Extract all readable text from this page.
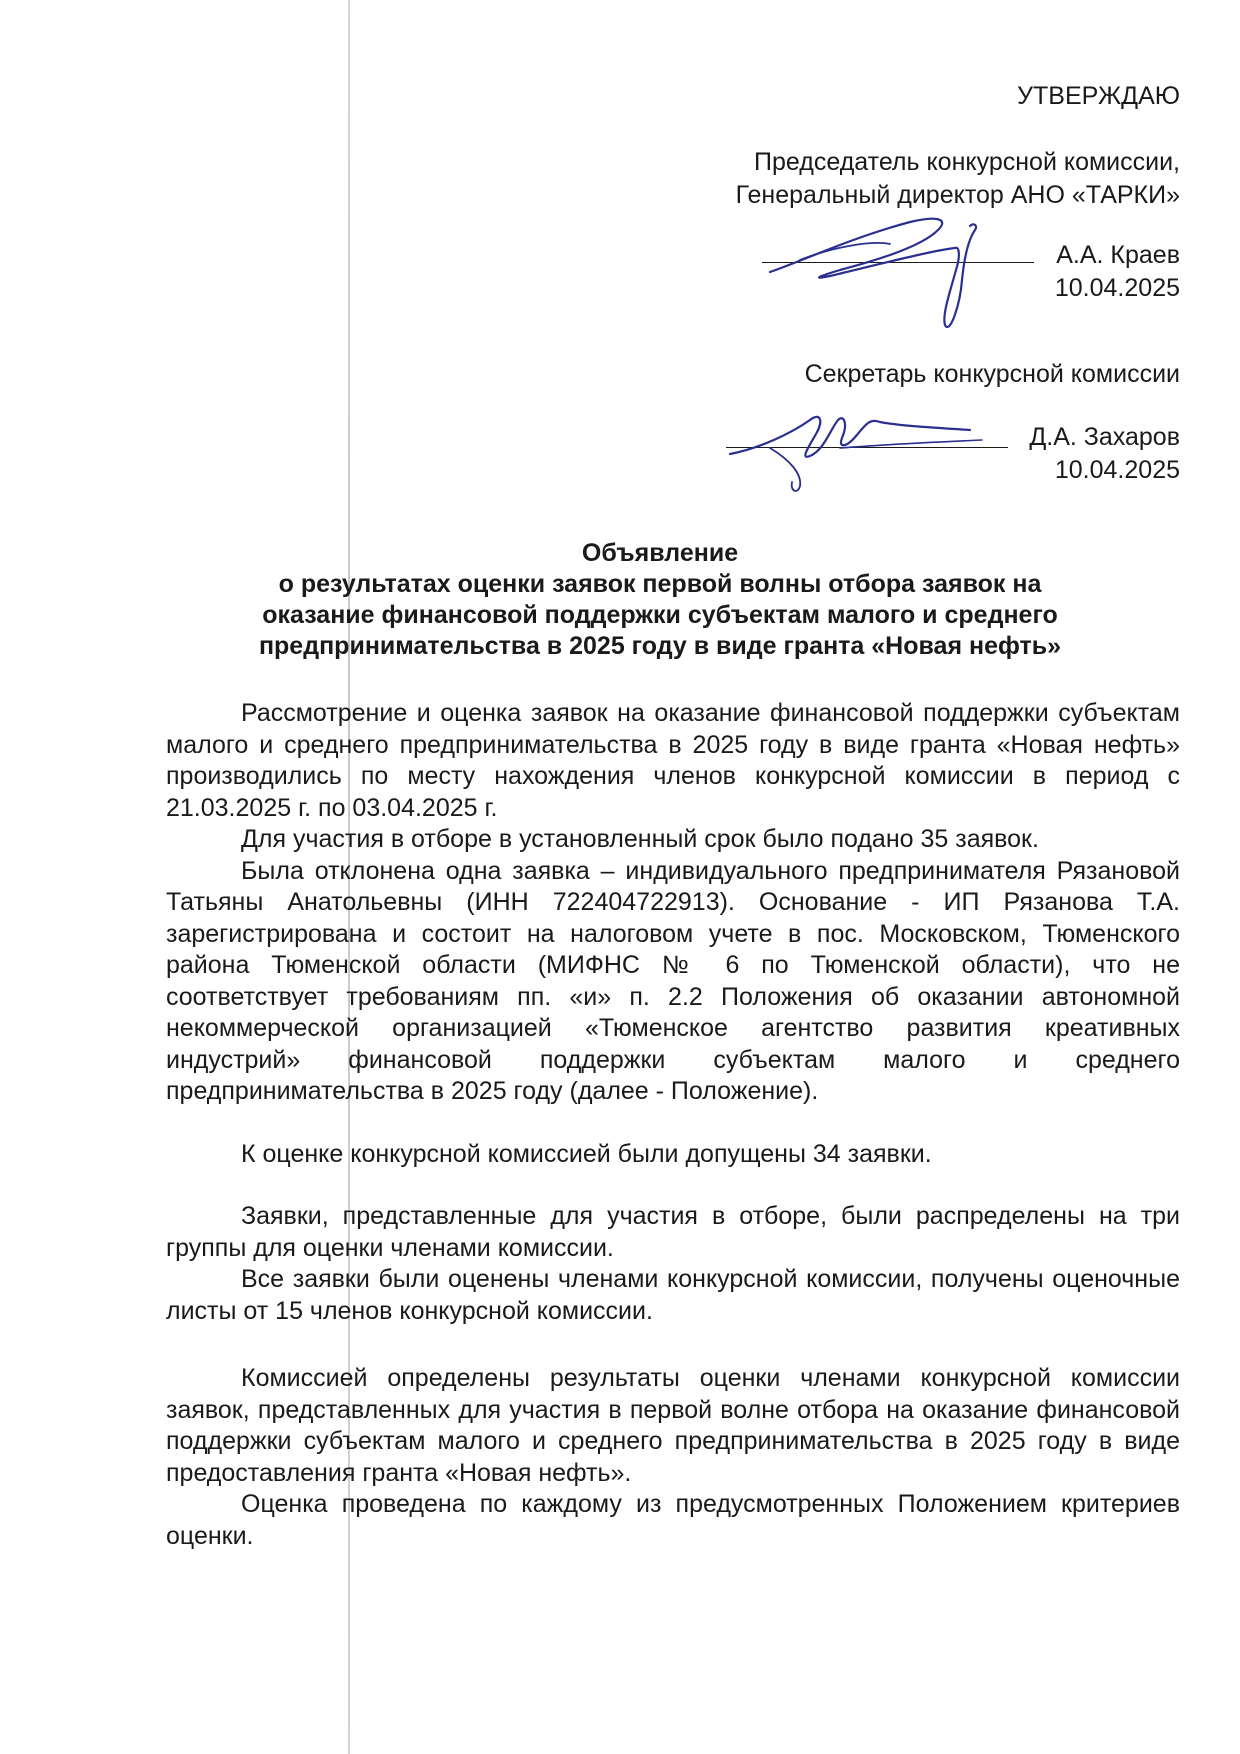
УТВЕРЖДАЮ
Председатель конкурсной комиссии,
Генеральный директор АНО «ТАРКИ»
А.А. Краев
10.04.2025
Секретарь конкурсной комиссии
Д.А. Захаров
10.04.2025
Объявление
о результатах оценки заявок первой волны отбора заявок на
оказание финансовой поддержки субъектам малого и среднего
предпринимательства в 2025 году в виде гранта «Новая нефть»

Рассмотрение и оценка заявок на оказание финансовой поддержки субъектам малого и среднего предпринимательства в 2025 году в виде гранта «Новая нефть» производились по месту нахождения членов конкурсной комиссии в период с 21.03.2025 г. по 03.04.2025 г.

Для участия в отборе в установленный срок было подано 35 заявок.

Была отклонена одна заявка – индивидуального предпринимателя Рязановой Татьяны Анатольевны (ИНН 722404722913). Основание - ИП Рязанова Т.А. зарегистрирована и состоит на налоговом учете в пос. Московском, Тюменского района Тюменской области (МИФНС № 6 по Тюменской области), что не соответствует требованиям пп. «и» п. 2.2 Положения об оказании автономной некоммерческой организацией «Тюменское агентство развития креативных индустрий» финансовой поддержки субъектам малого и среднего предпринимательства в 2025 году (далее - Положение).

К оценке конкурсной комиссией были допущены 34 заявки.

Заявки, представленные для участия в отборе, были распределены на три группы для оценки членами комиссии.

Все заявки были оценены членами конкурсной комиссии, получены оценочные листы от 15 членов конкурсной комиссии.

Комиссией определены результаты оценки членами конкурсной комиссии заявок, представленных для участия в первой волне отбора на оказание финансовой поддержки субъектам малого и среднего предпринимательства в 2025 году в виде предоставления гранта «Новая нефть».

Оценка проведена по каждому из предусмотренных Положением критериев оценки.
